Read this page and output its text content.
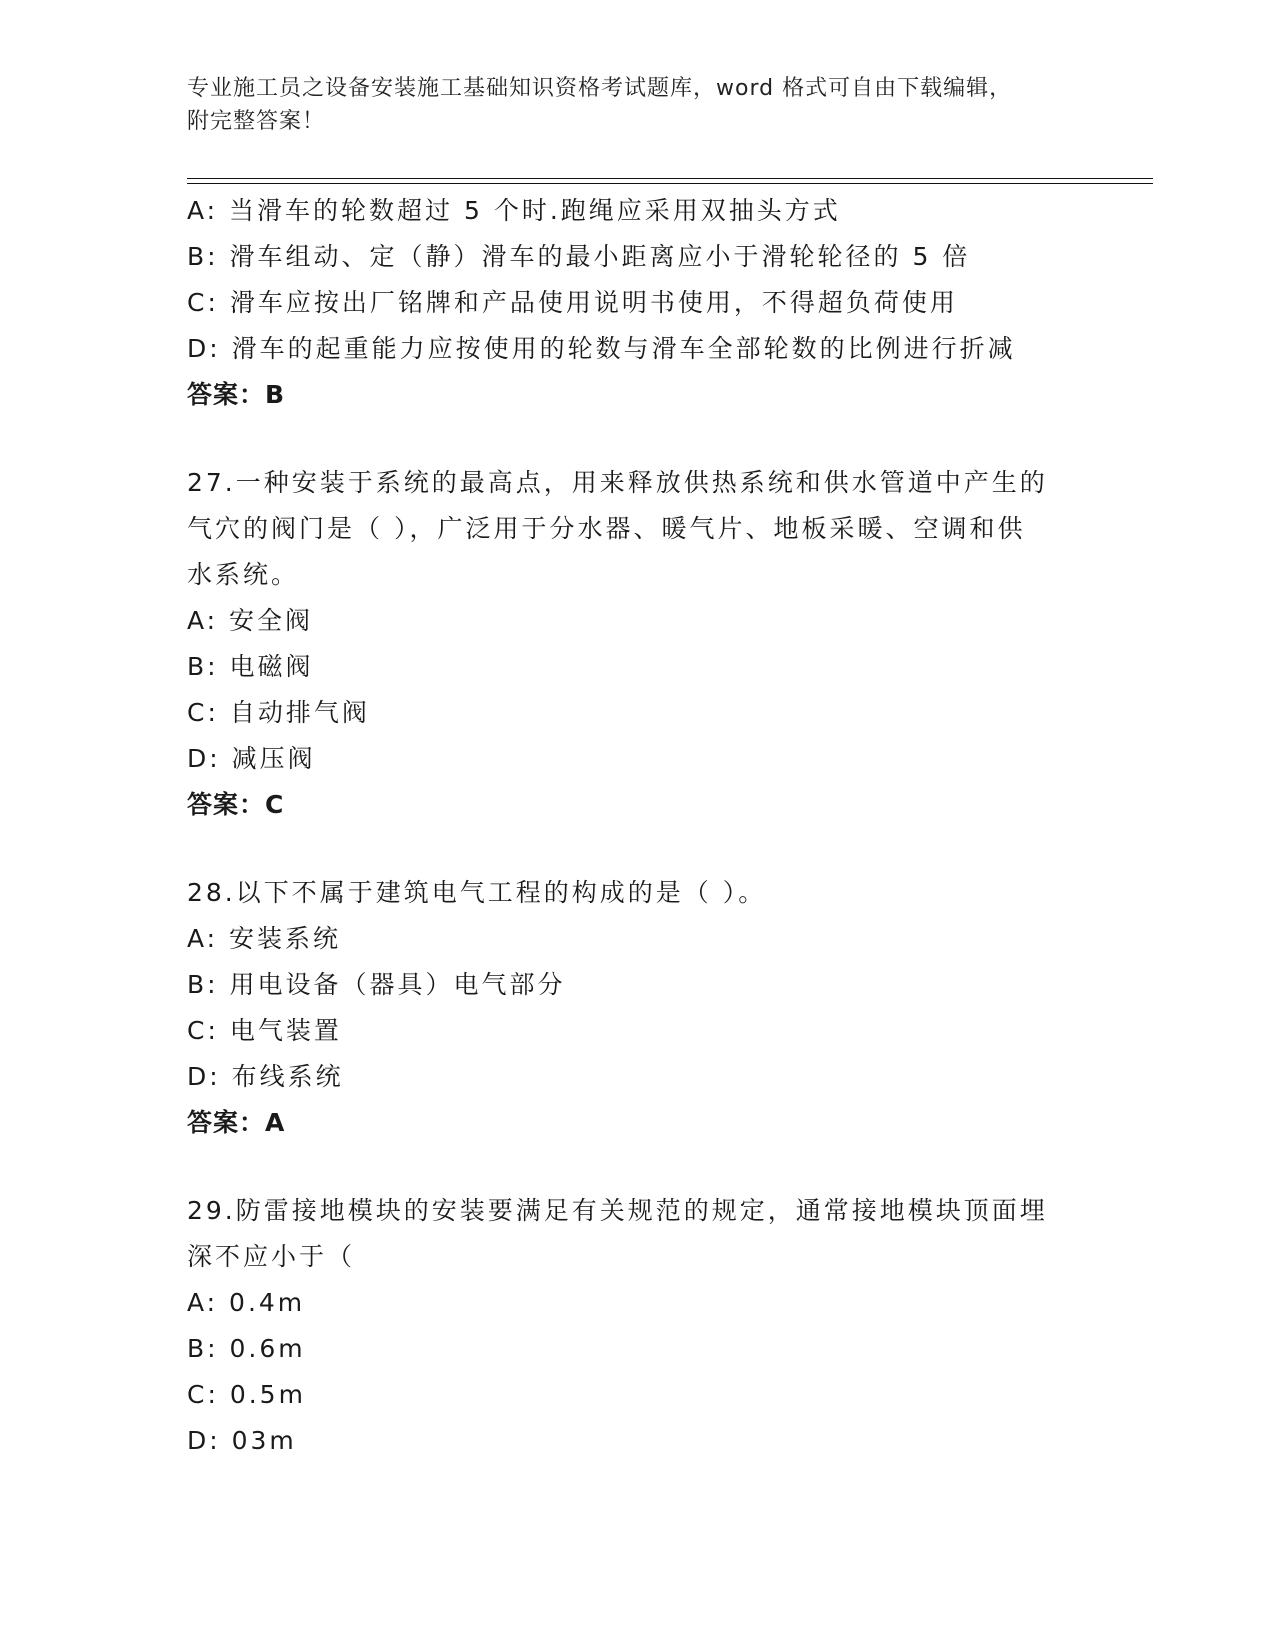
专业施工员之设备安装施工基础知识资格考试题库，word 格式可自由下载编辑，
附完整答案！
A: 当滑车的轮数超过 5 个时.跑绳应采用双抽头方式
B: 滑车组动、定（静）滑车的最小距离应小于滑轮轮径的 5 倍
C: 滑车应按出厂铭牌和产品使用说明书使用，不得超负荷使用
D: 滑车的起重能力应按使用的轮数与滑车全部轮数的比例进行折减
答案：B
27.一种安装于系统的最高点，用来释放供热系统和供水管道中产生的
气穴的阀门是（ ），广泛用于分水器、暖气片、地板采暖、空调和供
水系统。
A: 安全阀
B: 电磁阀
C: 自动排气阀
D: 减压阀
答案：C
28.以下不属于建筑电气工程的构成的是（ ）。
A: 安装系统
B: 用电设备（器具）电气部分
C: 电气装置
D: 布线系统
答案：A
29.防雷接地模块的安装要满足有关规范的规定，通常接地模块顶面埋
深不应小于（
A: 0.4m
B: 0.6m
C: 0.5m
D: 03m
